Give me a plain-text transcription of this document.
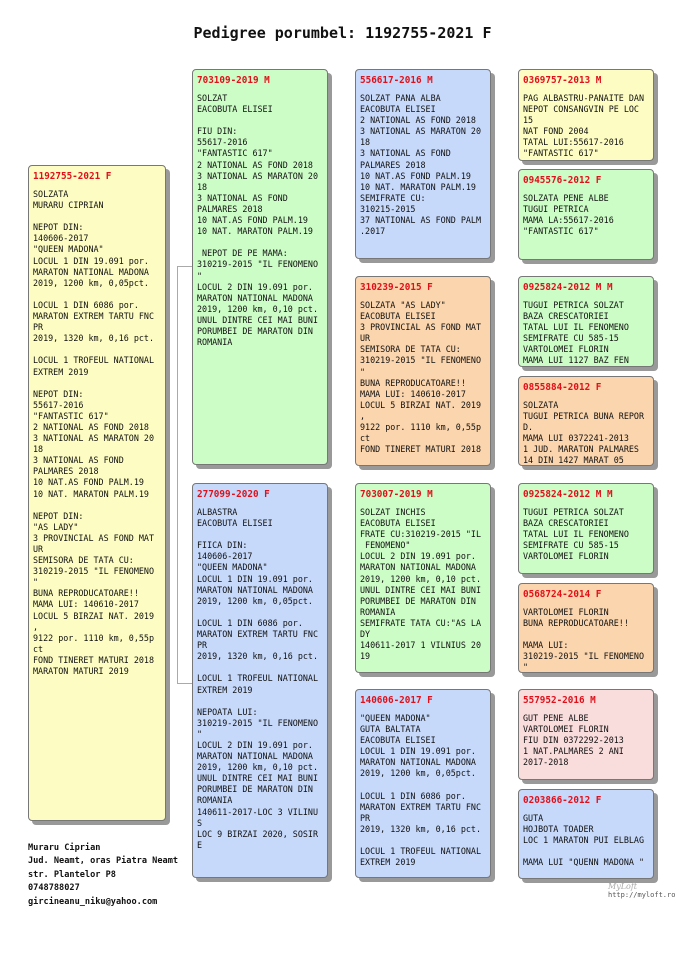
Pedigree porumbel: 1192755-2021 F
1192755-2021 F
SOLZATA
MURARU CIPRIAN

NEPOT DIN:
140606-2017
"QUEEN MADONA"
LOCUL 1 DIN 19.091 por.
MARATON NATIONAL MADONA
2019, 1200 km, 0,05pct.

LOCUL 1 DIN 6086 por.
MARATON EXTREM TARTU FNC
PR
2019, 1320 km, 0,16 pct.

LOCUL 1 TROFEUL NATIONAL
EXTREM 2019

NEPOT DIN:
55617-2016
"FANTASTIC 617"
2 NATIONAL AS FOND 2018
3 NATIONAL AS MARATON 20
18
3 NATIONAL AS FOND
PALMARES 2018
10 NAT.AS FOND PALM.19
10 NAT. MARATON PALM.19

NEPOT DIN:
"AS LADY"
3 PROVINCIAL AS FOND MAT
UR
SEMISORA DE TATA CU:
310219-2015 "IL FENOMENO
"
BUNA REPRODUCATOARE!!
MAMA LUI: 140610-2017
LOCUL 5 BIRZAI NAT. 2019
,
9122 por. 1110 km, 0,55p
ct
FOND TINERET MATURI 2018
MARATON MATURI 2019
703109-2019 M
SOLZAT
EACOBUTA ELISEI

FIU DIN:
55617-2016
"FANTASTIC 617"
2 NATIONAL AS FOND 2018
3 NATIONAL AS MARATON 20
18
3 NATIONAL AS FOND
PALMARES 2018
10 NAT.AS FOND PALM.19
10 NAT. MARATON PALM.19

NEPOT DE PE MAMA:
310219-2015 "IL FENOMENO
"
LOCUL 2 DIN 19.091 por.
MARATON NATIONAL MADONA
2019, 1200 km, 0,10 pct.
UNUL DINTRE CEI MAI BUNI
PORUMBEI DE MARATON DIN
ROMANIA
277099-2020 F
ALBASTRA
EACOBUTA ELISEI

FIICA DIN:
140606-2017
"QUEEN MADONA"
LOCUL 1 DIN 19.091 por.
MARATON NATIONAL MADONA
2019, 1200 km, 0,05pct.

LOCUL 1 DIN 6086 por.
MARATON EXTREM TARTU FNC
PR
2019, 1320 km, 0,16 pct.

LOCUL 1 TROFEUL NATIONAL
EXTREM 2019

NEPOATA LUI:
310219-2015 "IL FENOMENO
"
LOCUL 2 DIN 19.091 por.
MARATON NATIONAL MADONA
2019, 1200 km, 0,10 pct.
UNUL DINTRE CEI MAI BUNI
PORUMBEI DE MARATON DIN
ROMANIA
140611-2017-LOC 3 VILINU
S
LOC 9 BIRZAI 2020, SOSIR
E
556617-2016 M
SOLZAT PANA ALBA
EACOBUTA ELISEI
2 NATIONAL AS FOND 2018
3 NATIONAL AS MARATON 20
18
3 NATIONAL AS FOND
PALMARES 2018
10 NAT.AS FOND PALM.19
10 NAT. MARATON PALM.19
SEMIFRATE CU:
310215-2015
37 NATIONAL AS FOND PALM
.2017
310239-2015 F
SOLZATA "AS LADY"
EACOBUTA ELISEI
3 PROVINCIAL AS FOND MAT
UR
SEMISORA DE TATA CU:
310219-2015 "IL FENOMENO
"
BUNA REPRODUCATOARE!!
MAMA LUI: 140610-2017
LOCUL 5 BIRZAI NAT. 2019
,
9122 por. 1110 km, 0,55p
ct
FOND TINERET MATURI 2018
703007-2019 M
SOLZAT INCHIS
EACOBUTA ELISEI
FRATE CU:310219-2015 "IL
FENOMENO"
LOCUL 2 DIN 19.091 por.
MARATON NATIONAL MADONA
2019, 1200 km, 0,10 pct.
UNUL DINTRE CEI MAI BUNI
PORUMBEI DE MARATON DIN
ROMANIA
SEMIFRATE TATA CU:"AS LA
DY
140611-2017 1 VILNIUS 20
19
140606-2017 F
"QUEEN MADONA"
GUTA BALTATA
EACOBUTA ELISEI
LOCUL 1 DIN 19.091 por.
MARATON NATIONAL MADONA
2019, 1200 km, 0,05pct.

LOCUL 1 DIN 6086 por.
MARATON EXTREM TARTU FNC
PR
2019, 1320 km, 0,16 pct.

LOCUL 1 TROFEUL NATIONAL
EXTREM 2019
0369757-2013 M
PAG ALBASTRU-PANAITE DAN
NEPOT CONSANGVIN PE LOC
15
NAT FOND 2004
TATAL LUI:55617-2016
"FANTASTIC 617"
0945576-2012 F
SOLZATA PENE ALBE
TUGUI PETRICA
MAMA LA:55617-2016
"FANTASTIC 617"
0925824-2012 M M
TUGUI PETRICA SOLZAT
BAZA CRESCATORIEI
TATAL LUI IL FENOMENO
SEMIFRATE CU 585-15
VARTOLOMEI FLORIN
MAMA LUI 1127 BAZ FEN
0855884-2012 F
SOLZATA
TUGUI PETRICA BUNA REPOR
D.
MAMA LUI 0372241-2013
1 JUD. MARATON PALMARES
14 DIN 1427 MARAT 05
0925824-2012 M M
TUGUI PETRICA SOLZAT
BAZA CRESCATORIEI
TATAL LUI IL FENOMENO
SEMIFRATE CU 585-15
VARTOLOMEI FLORIN
0568724-2014 F
VARTOLOMEI FLORIN
BUNA REPRODUCATOARE!!

MAMA LUI:
310219-2015 "IL FENOMENO
"
557952-2016 M
GUT PENE ALBE
VARTOLOMEI FLORIN
FIU DIN 0372292-2013
1 NAT.PALMARES 2 ANI
2017-2018
0203866-2012 F
GUTA
HOJBOTA TOADER
LOC 1 MARATON PUI ELBLAG

MAMA LUI "QUENN MADONA "
Muraru Ciprian
Jud. Neamt, oras Piatra Neamt
str. Plantelor P8
0748788027
gircineanu_niku@yahoo.com
MyLoft
http://myloft.ro
